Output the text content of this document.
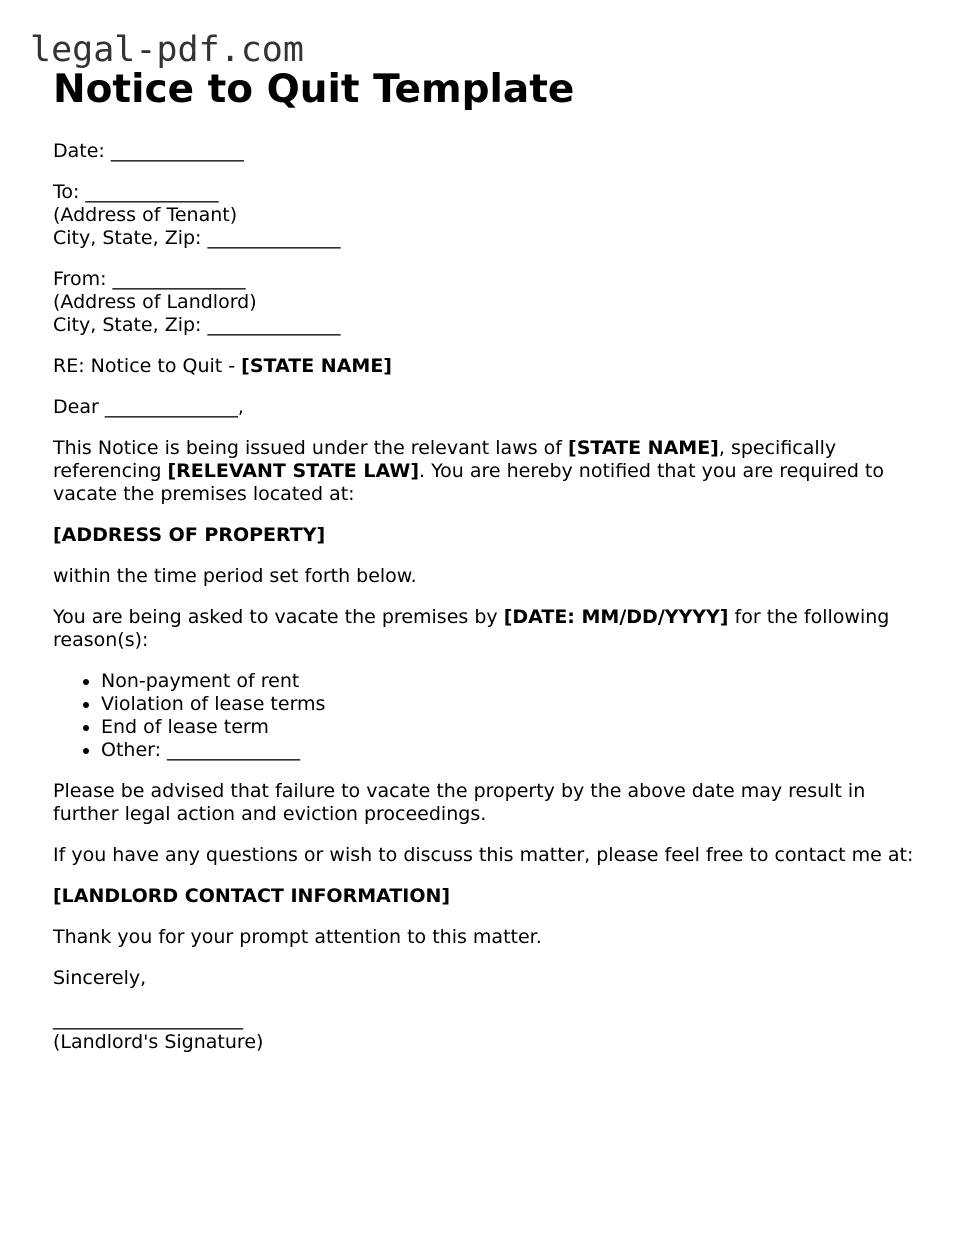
legal-pdf.com
Notice to Quit Template

Date: ______________

To: ______________

(Address of Tenant)

City, State, Zip: ______________

From: ______________

(Address of Landlord)

City, State, Zip: ______________

RE: Notice to Quit - [STATE NAME]

Dear ______________,

This Notice is being issued under the relevant laws of [STATE NAME], specifically referencing [RELEVANT STATE LAW]. You are hereby notified that you are required to vacate the premises located at:

[ADDRESS OF PROPERTY]

within the time period set forth below.

You are being asked to vacate the premises by [DATE: MM/DD/YYYY] for the following reason(s):

• Non-payment of rent
• Violation of lease terms
• End of lease term
• Other: ______________

Please be advised that failure to vacate the property by the above date may result in further legal action and eviction proceedings.

If you have any questions or wish to discuss this matter, please feel free to contact me at:

[LANDLORD CONTACT INFORMATION]

Thank you for your prompt attention to this matter.

Sincerely,

____________________

(Landlord's Signature)
